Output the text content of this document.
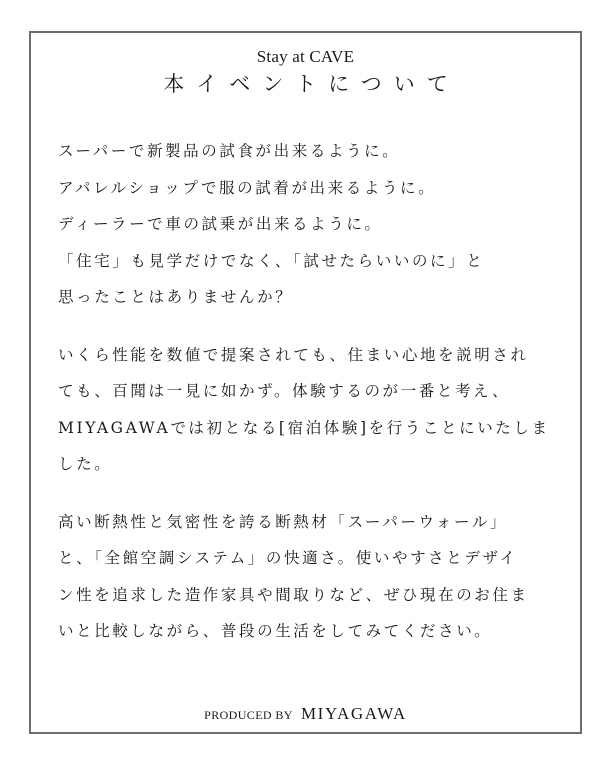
Stay at CAVE
本イベントについて
スーパーで新製品の試食が出来るように。
アパレルショップで服の試着が出来るように。
ディーラーで車の試乗が出来るように。
「住宅」も見学だけでなく、「試せたらいいのに」と
思ったことはありませんか？
いくら性能を数値で提案されても、住まい心地を説明され
ても、百聞は一見に如かず。体験するのが一番と考え、
MIYAGAWAでは初となる[宿泊体験]を行うことにいたしま
した。
高い断熱性と気密性を誇る断熱材「スーパーウォール」
と、「全館空調システム」の快適さ。使いやすさとデザイ
ン性を追求した造作家具や間取りなど、ぜひ現在のお住ま
いと比較しながら、普段の生活をしてみてください。
PRODUCED BY MIYAGAWA
